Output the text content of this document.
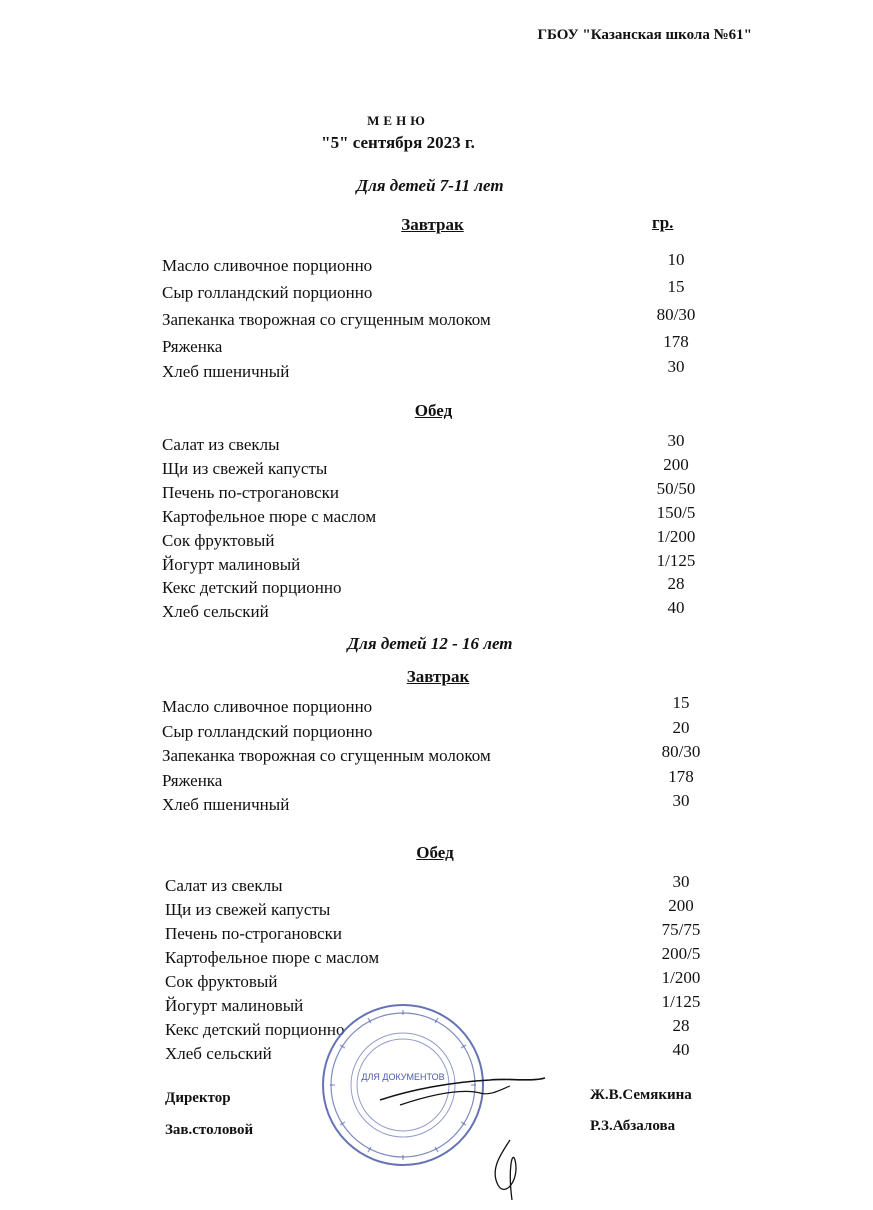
ГБОУ "Казанская школа №61"
МЕНЮ
"5" сентября 2023 г.
Для детей 7-11 лет
Завтрак	гр.
Масло сливочное порционно	10
Сыр голландский порционно	15
Запеканка творожная со сгущенным молоком	80/30
Ряженка	178
Хлеб пшеничный	30
Обед
Салат из свеклы	30
Щи из свежей капусты	200
Печень по-строгановски	50/50
Картофельное пюре с маслом	150/5
Сок фруктовый	1/200
Йогурт малиновый	1/125
Кекс детский порционно	28
Хлеб сельский	40
Для детей 12 - 16 лет
Завтрак
Масло сливочное порционно	15
Сыр голландский порционно	20
Запеканка творожная со сгущенным молоком	80/30
Ряженка	178
Хлеб пшеничный	30
Обед
Салат из свеклы	30
Щи из свежей капусты	200
Печень по-строгановски	75/75
Картофельное пюре с маслом	200/5
Сок фруктовый	1/200
Йогурт малиновый	1/125
Кекс детский порционно	28
Хлеб сельский	40
ДЛЯ ДОКУМЕНТОВ
Директор	Ж.В.Семякина
Зав.столовой	Р.З.Абзалова
